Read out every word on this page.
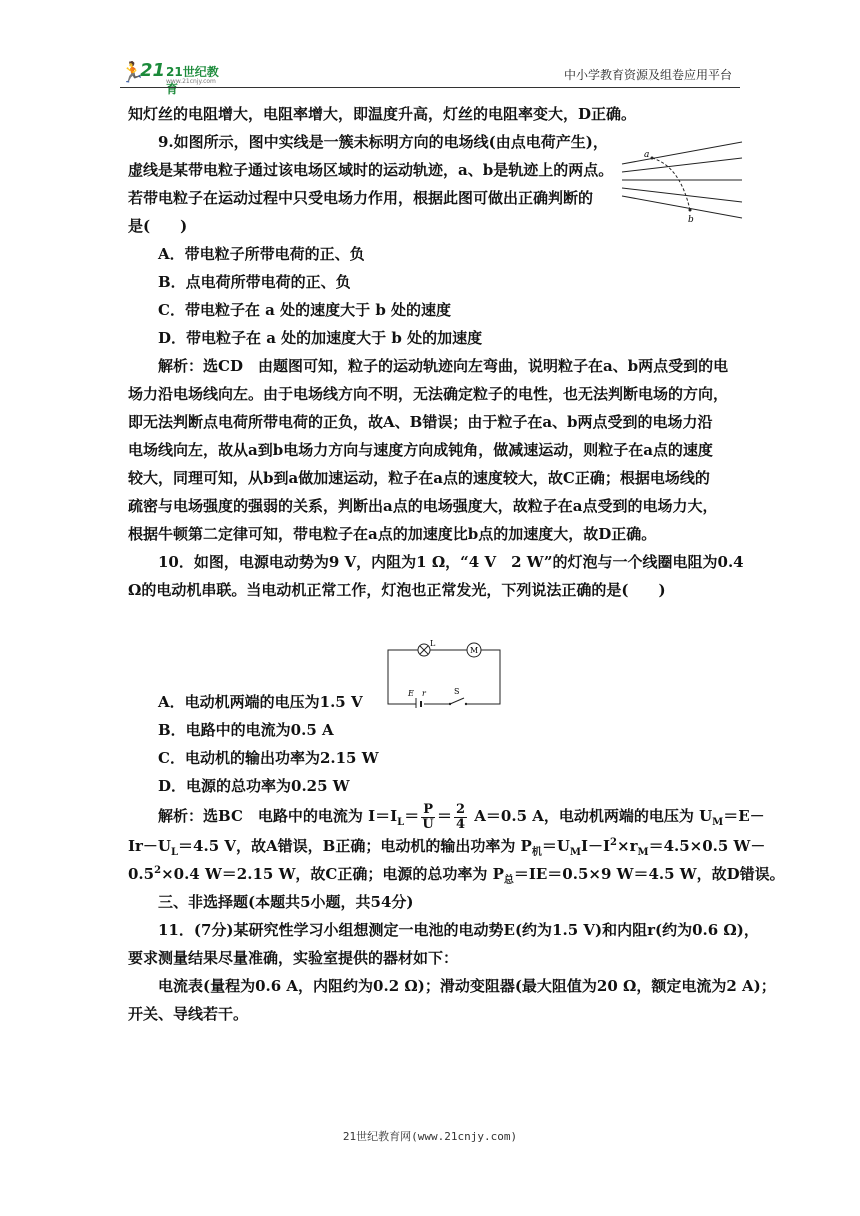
🏃
21 21世纪教育
www.21cnjy.com	中小学教育资源及组卷应用平台
知灯丝的电阻增大，电阻率增大，即温度升高，灯丝的电阻率变大，D正确。
9.如图所示，图中实线是一簇未标明方向的电场线(由点电荷产生)，
虚线是某带电粒子通过该电场区域时的运动轨迹，a、b是轨迹上的两点。
若带电粒子在运动过程中只受电场力作用，根据此图可做出正确判断的
是(　　)
A．带电粒子所带电荷的正、负
B．点电荷所带电荷的正、负
C．带电粒子在 a 处的速度大于 b 处的速度
D．带电粒子在 a 处的加速度大于 b 处的加速度
解析：选CD　由题图可知，粒子的运动轨迹向左弯曲，说明粒子在a、b两点受到的电
场力沿电场线向左。由于电场线方向不明，无法确定粒子的电性，也无法判断电场的方向，
即无法判断点电荷所带电荷的正负，故A、B错误；由于粒子在a、b两点受到的电场力沿
电场线向左，故从a到b电场力方向与速度方向成钝角，做减速运动，则粒子在a点的速度
较大，同理可知，从b到a做加速运动，粒子在a点的速度较大，故C正确；根据电场线的
疏密与电场强度的强弱的关系，判断出a点的电场强度大，故粒子在a点受到的电场力大，
根据牛顿第二定律可知，带电粒子在a点的加速度比b点的加速度大，故D正确。
10．如图，电源电动势为9 V，内阻为1 Ω，“4 V　2 W”的灯泡与一个线圈电阻为0.4
Ω的电动机串联。当电动机正常工作，灯泡也正常发光，下列说法正确的是(　　)
A．电动机两端的电压为1.5 V
B．电路中的电流为0.5 A
C．电动机的输出功率为2.15 W
D．电源的总功率为0.25 W
解析：选BC　电路中的电流为 $I=I_L= \frac{P}{U} = \frac{2}{4} A=0.5$ A，电动机两端的电压为 $U_M=E-$
$Ir-U_L=4.5$ V，故A错误，B正确；电动机的输出功率为 $P_机=U_MI-I^2\times r_M=4.5\times 0.5$ W－
$0.5^2\times 0.4$ W＝2.15 W，故C正确；电源的总功率为 $P_总=IE=0.5\times 9$ W＝4.5 W，故D错误。
三、非选择题(本题共5小题，共54分)
11．(7分)某研究性学习小组想测定一电池的电动势E(约为1.5 V)和内阻r(约为0.6 Ω)，
要求测量结果尽量准确，实验室提供的器材如下：
电流表(量程为0.6 A，内阻约为0.2 Ω)；滑动变阻器(最大阻值为20 Ω，额定电流为2 A)；
开关、导线若干。
a
b
L
M
E r	S
21世纪教育网(www.21cnjy.com)
